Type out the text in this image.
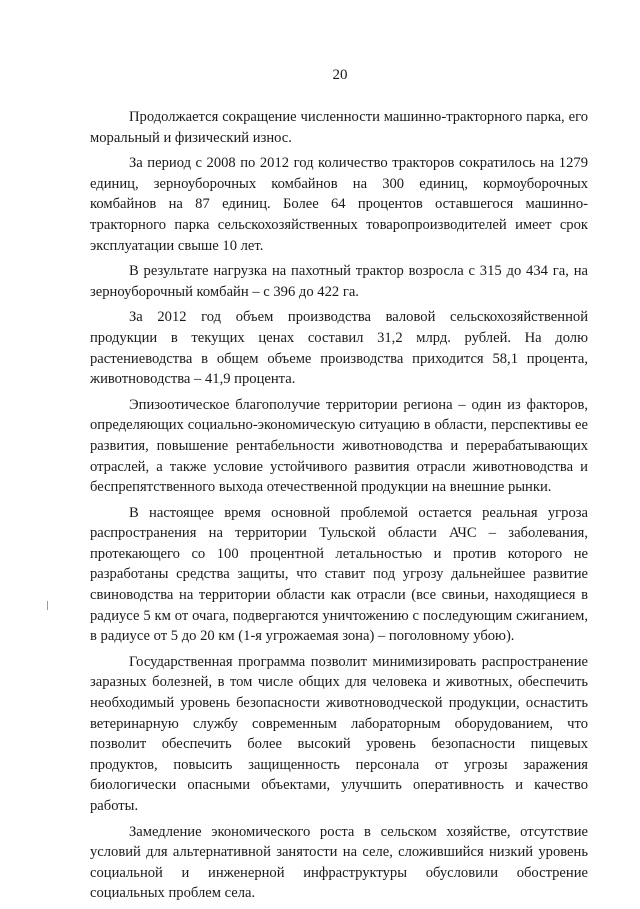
20

Продолжается сокращение численности машинно-тракторного парка, его моральный и физический износ.

За период с 2008 по 2012 год количество тракторов сократилось на 1279 единиц, зерноуборочных комбайнов на 300 единиц, кормоуборочных комбайнов на 87 единиц. Более 64 процентов оставшегося машинно-тракторного парка сельскохозяйственных товаропроизводителей имеет срок эксплуатации свыше 10 лет.

В результате нагрузка на пахотный трактор возросла с 315 до 434 га, на зерноуборочный комбайн – с 396 до 422 га.

За 2012 год объем производства валовой сельскохозяйственной продукции в текущих ценах составил 31,2 млрд. рублей. На долю растениеводства в общем объеме производства приходится 58,1 процента, животноводства – 41,9 процента.

Эпизоотическое благополучие территории региона – один из факторов, определяющих социально-экономическую ситуацию в области, перспективы ее развития, повышение рентабельности животноводства и перерабатывающих отраслей, а также условие устойчивого развития отрасли животноводства и беспрепятственного выхода отечественной продукции на внешние рынки.

В настоящее время основной проблемой остается реальная угроза распространения на территории Тульской области АЧС – заболевания, протекающего со 100 процентной летальностью и против которого не разработаны средства защиты, что ставит под угрозу дальнейшее развитие свиноводства на территории области как отрасли (все свиньи, находящиеся в радиусе 5 км от очага, подвергаются уничтожению с последующим сжиганием, в радиусе от 5 до 20 км (1-я угрожаемая зона) – поголовному убою).

Государственная программа позволит минимизировать распространение заразных болезней, в том числе общих для человека и животных, обеспечить необходимый уровень безопасности животноводческой продукции, оснастить ветеринарную службу современным лабораторным оборудованием, что позволит обеспечить более высокий уровень безопасности пищевых продуктов, повысить защищенность персонала от угрозы заражения биологически опасными объектами, улучшить оперативность и качество работы.

Замедление экономического роста в сельском хозяйстве, отсутствие условий для альтернативной занятости на селе, сложившийся низкий уровень социальной и инженерной инфраструктуры обусловили обострение социальных проблем села.
